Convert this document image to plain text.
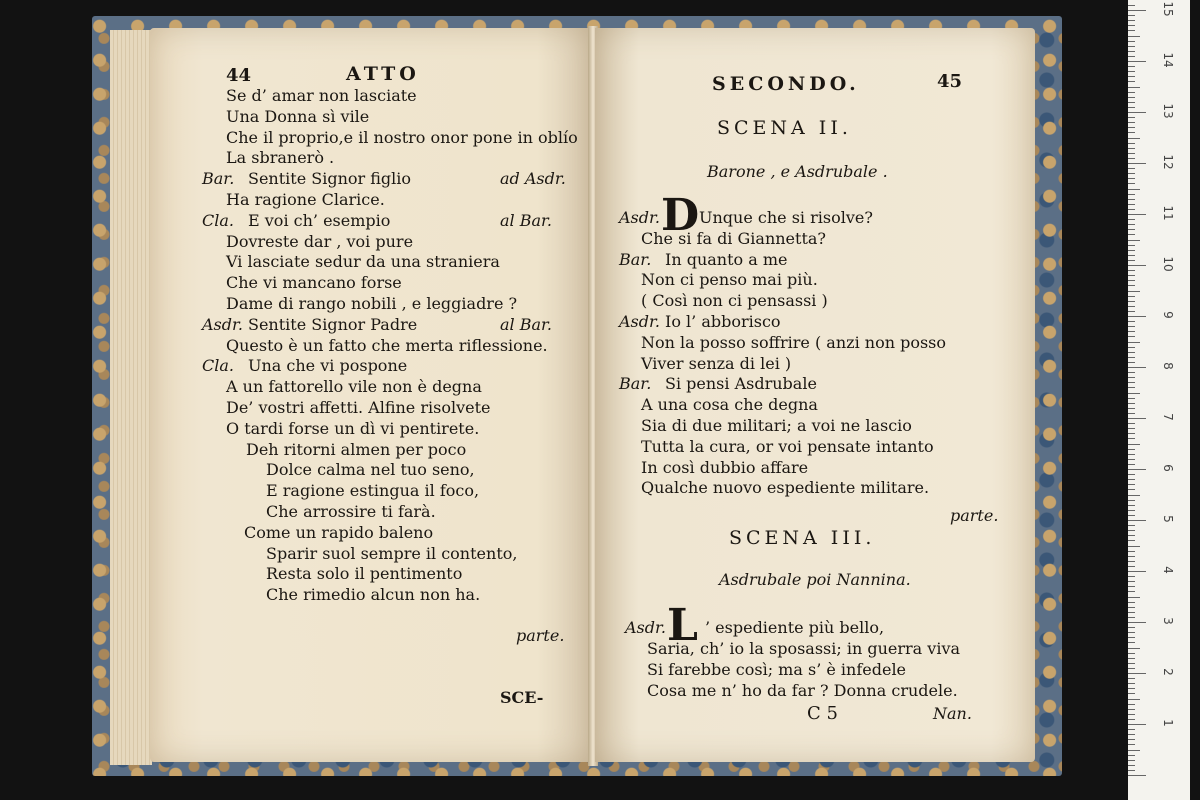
44	ATTO
Se d’ amar non lasciate
Una Donna sì vile
Che il proprio,e il nostro onor pone in oblío
La sbranerò .
Bar. Sentite Signor figlio	ad Asdr.
Ha ragione Clarice.
Cla. E voi ch’ esempio	al Bar.
Dovreste dar , voi pure
Vi lasciate sedur da una straniera
Che vi mancano forse
Dame di rango nobili , e leggiadre ?
Asdr. Sentite Signor Padre	al Bar.
Questo è un fatto che merta riflessione.
Cla. Una che vi pospone
A un fattorello vile non è degna
De’ vostri affetti. Alfine risolvete
O tardi forse un dì vi pentirete.
Deh ritorni almen per poco
Dolce calma nel tuo seno,
E ragione estingua il foco,
Che arrossire ti farà.
Come un rapido baleno
Sparir suol sempre il contento,
Resta solo il pentimento
Che rimedio alcun non ha.
parte.
SCE-
SECONDO.	45
SCENA II.
Barone , e Asdrubale .
Asdr. D Unque che si risolve?
Che si fa di Giannetta?
Bar. In quanto a me
Non ci penso mai più.
( Così non ci pensassi )
Asdr. Io l’ abborisco
Non la posso soffrire ( anzi non posso
Viver senza di lei )
Bar. Si pensi Asdrubale
A una cosa che degna
Sia di due militari; a voi ne lascio
Tutta la cura, or voi pensate intanto
In così dubbio affare
Qualche nuovo espediente militare.
parte.
SCENA III.
Asdrubale poi Nannina.
Asdr. L ’ espediente più bello,
Saria, ch’ io la sposassi; in guerra viva
Si farebbe così; ma s’ è infedele
Cosa me n’ ho da far ? Donna crudele.
C 5	Nan.	1
2
3
4
5
6
7
8
9
10
11
12
13
14
15
